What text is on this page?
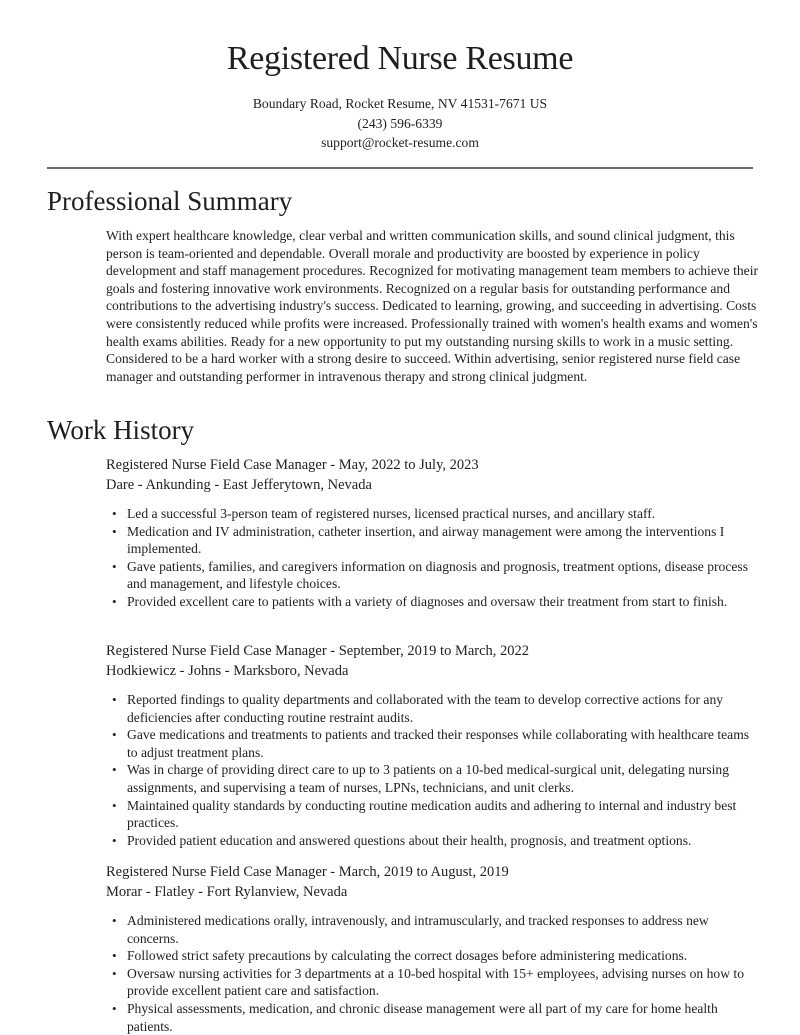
Registered Nurse Resume
Boundary Road, Rocket Resume, NV 41531-7671 US
(243) 596-6339
support@rocket-resume.com
Professional Summary

With expert healthcare knowledge, clear verbal and written communication skills, and sound clinical judgment, this person is team-oriented and dependable. Overall morale and productivity are boosted by experience in policy development and staff management procedures. Recognized for motivating management team members to achieve their goals and fostering innovative work environments. Recognized on a regular basis for outstanding performance and contributions to the advertising industry's success. Dedicated to learning, growing, and succeeding in advertising. Costs were consistently reduced while profits were increased. Professionally trained with women's health exams and women's health exams abilities. Ready for a new opportunity to put my outstanding nursing skills to work in a music setting. Considered to be a hard worker with a strong desire to succeed. Within advertising, senior registered nurse field case manager and outstanding performer in intravenous therapy and strong clinical judgment.

Work History
Registered Nurse Field Case Manager - May, 2022 to July, 2023
Dare - Ankunding - East Jefferytown, Nevada
• Led a successful 3-person team of registered nurses, licensed practical nurses, and ancillary staff.
• Medication and IV administration, catheter insertion, and airway management were among the interventions I implemented.
• Gave patients, families, and caregivers information on diagnosis and prognosis, treatment options, disease process and management, and lifestyle choices.
• Provided excellent care to patients with a variety of diagnoses and oversaw their treatment from start to finish.
Registered Nurse Field Case Manager - September, 2019 to March, 2022
Hodkiewicz - Johns - Marksboro, Nevada
• Reported findings to quality departments and collaborated with the team to develop corrective actions for any deficiencies after conducting routine restraint audits.
• Gave medications and treatments to patients and tracked their responses while collaborating with healthcare teams to adjust treatment plans.
• Was in charge of providing direct care to up to 3 patients on a 10-bed medical-surgical unit, delegating nursing assignments, and supervising a team of nurses, LPNs, technicians, and unit clerks.
• Maintained quality standards by conducting routine medication audits and adhering to internal and industry best practices.
• Provided patient education and answered questions about their health, prognosis, and treatment options.
Registered Nurse Field Case Manager - March, 2019 to August, 2019
Morar - Flatley - Fort Rylanview, Nevada
• Administered medications orally, intravenously, and intramuscularly, and tracked responses to address new concerns.
• Followed strict safety precautions by calculating the correct dosages before administering medications.
• Oversaw nursing activities for 3 departments at a 10-bed hospital with 15+ employees, advising nurses on how to provide excellent patient care and satisfaction.
• Physical assessments, medication, and chronic disease management were all part of my care for home health patients.
